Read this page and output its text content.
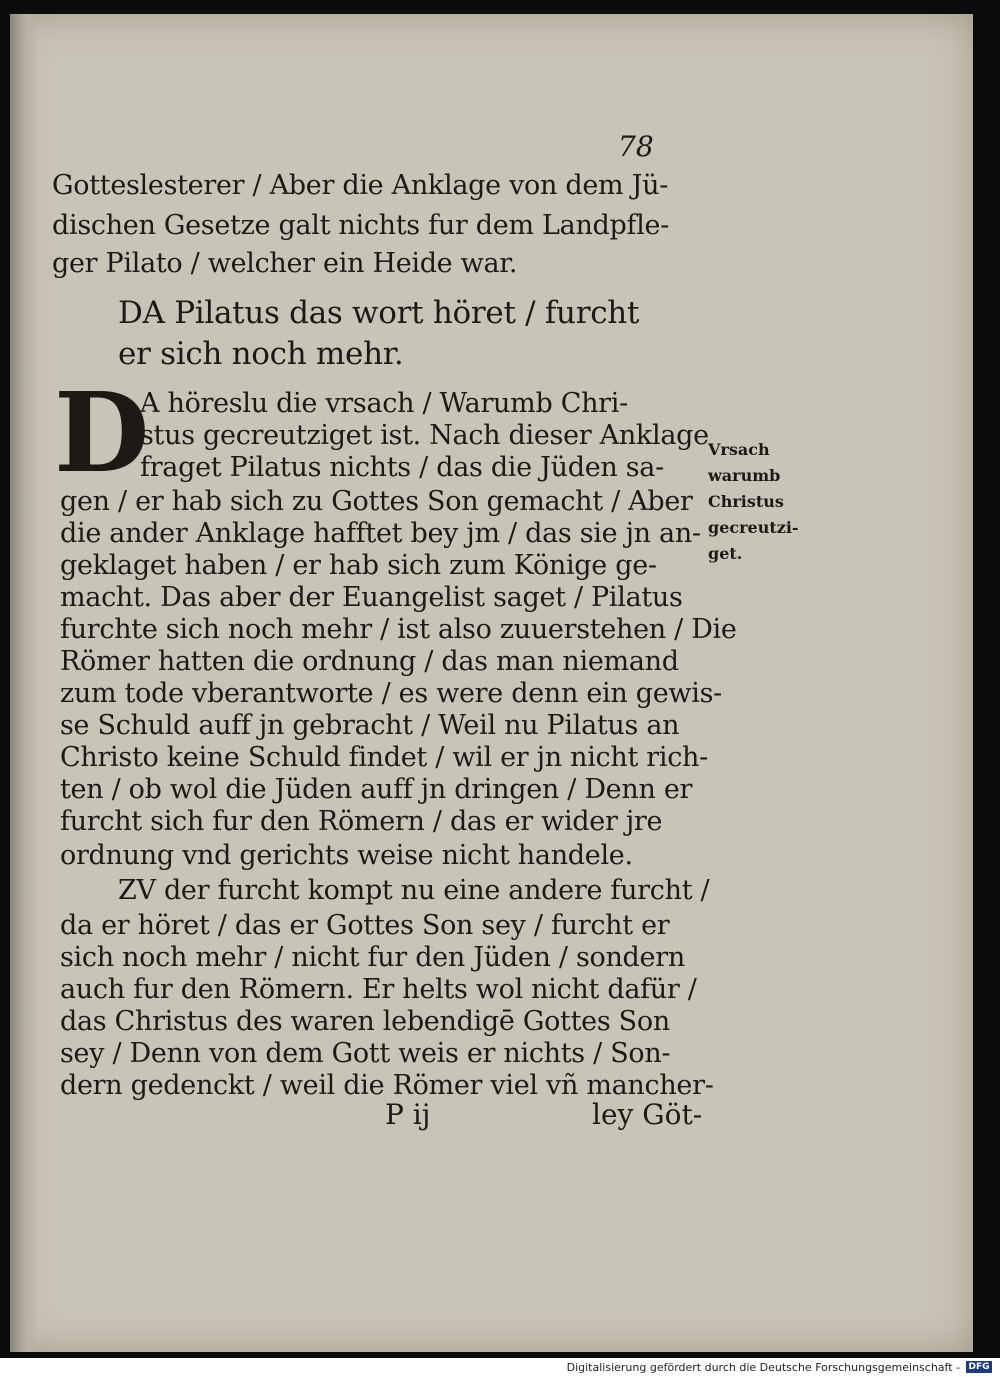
78
Gotteslesterer / Aber die Anklage von dem Jü-
dischen Gesetze galt nichts fur dem Landpfle-
ger Pilato / welcher ein Heide war.
DA Pilatus das wort höret / furcht
er sich noch mehr.
D
A höreslu die vrsach / Warumb Chri-
stus gecreutziget ist. Nach dieser Anklage
fraget Pilatus nichts / das die Jüden sa-
gen / er hab sich zu Gottes Son gemacht / Aber
die ander Anklage hafftet bey jm / das sie jn an-
geklaget haben / er hab sich zum Könige ge-
macht. Das aber der Euangelist saget / Pilatus
furchte sich noch mehr / ist also zuuerstehen / Die
Römer hatten die ordnung / das man niemand
zum tode vberantworte / es were denn ein gewis-
se Schuld auff jn gebracht / Weil nu Pilatus an
Christo keine Schuld findet / wil er jn nicht rich-
ten / ob wol die Jüden auff jn dringen / Denn er
furcht sich fur den Römern / das er wider jre
ordnung vnd gerichts weise nicht handele.
ZV der furcht kompt nu eine andere furcht /
da er höret / das er Gottes Son sey / furcht er
sich noch mehr / nicht fur den Jüden / sondern
auch fur den Römern. Er helts wol nicht dafür /
das Christus des waren lebendigē Gottes Son
sey / Denn von dem Gott weis er nichts / Son-
dern gedenckt / weil die Römer viel vñ mancher-
P ij	ley Göt-
Vrsach
warumb
Christus
gecreutzi-
get.
Digitalisierung gefördert durch die Deutsche Forschungsgemeinschaft - DFG
